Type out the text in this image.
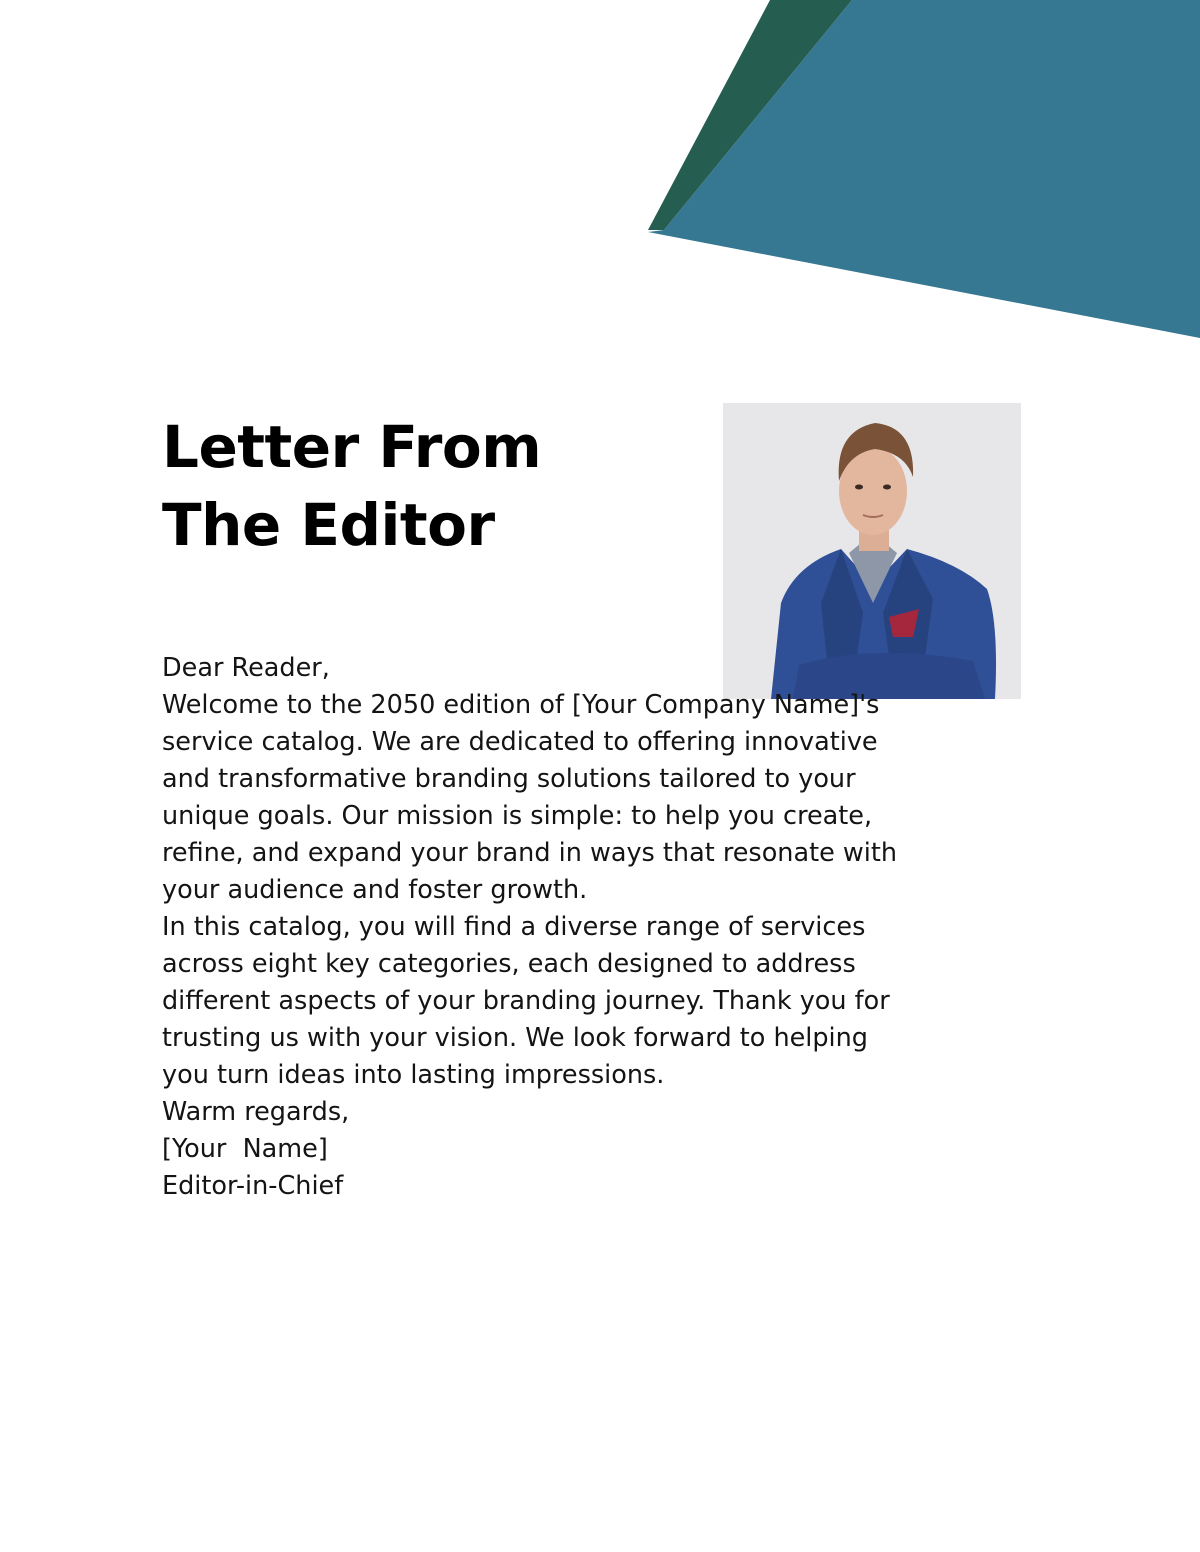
Letter From
The Editor

Dear Reader,

Welcome to the 2050 edition of [Your Company Name]'s
service catalog. We are dedicated to offering innovative
and transformative branding solutions tailored to your
unique goals. Our mission is simple: to help you create,
refine, and expand your brand in ways that resonate with
your audience and foster growth.

In this catalog, you will find a diverse range of services
across eight key categories, each designed to address
different aspects of your branding journey. Thank you for
trusting us with your vision. We look forward to helping
you turn ideas into lasting impressions.

Warm regards,

[Your  Name]

Editor-in-Chief
